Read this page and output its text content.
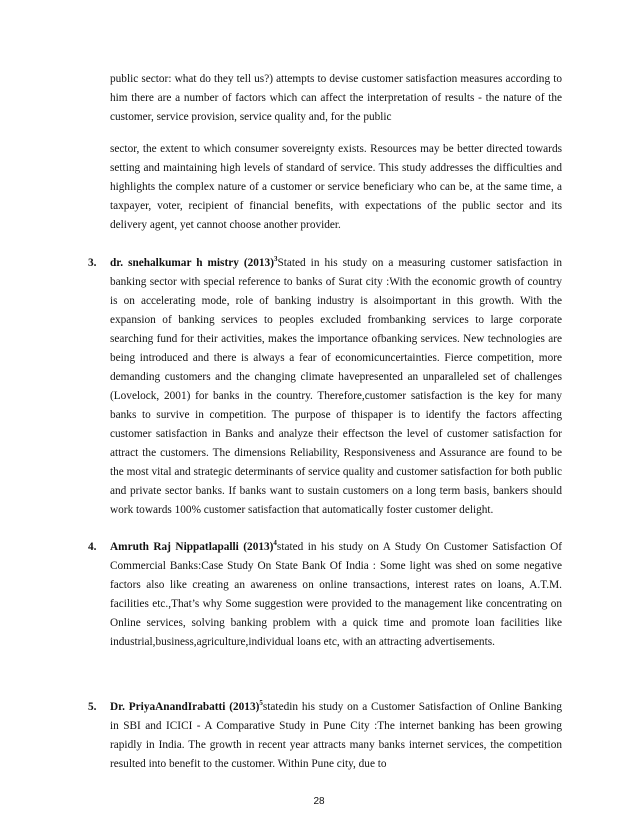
public sector: what do they tell us?) attempts to devise customer satisfaction measures according to him there are a number of factors which can affect the interpretation of results - the nature of the customer, service provision, service quality and, for the public

sector, the extent to which consumer sovereignty exists. Resources may be better directed towards setting and maintaining high levels of standard of service. This study addresses the difficulties and highlights the complex nature of a customer or service beneficiary who can be, at the same time, a taxpayer, voter, recipient of financial benefits, with expectations of the public sector and its delivery agent, yet cannot choose another provider.

3.	dr. snehalkumar h mistry $(2013)^3Stated$ in his study on a measuring customer satisfaction in banking sector with special reference to banks of Surat city :With the economic growth of country is on accelerating mode, role of banking industry is alsoimportant in this growth. With the expansion of banking services to peoples excluded frombanking services to large corporate searching fund for their activities, makes the importance ofbanking services. New technologies are being introduced and there is always a fear of economicuncertainties. Fierce competition, more demanding customers and the changing climate havepresented an unparalleled set of challenges (Lovelock, 2001) for banks in the country. Therefore,customer satisfaction is the key for many banks to survive in competition. The purpose of thispaper is to identify the factors affecting customer satisfaction in Banks and analyze their effectson the level of customer satisfaction for attract the customers. The dimensions Reliability, Responsiveness and Assurance are found to be the most vital and strategic determinants of service quality and customer satisfaction for both public and private sector banks. If banks want to sustain customers on a long term basis, bankers should work towards 100% customer satisfaction that automatically foster customer delight.
4.	Amruth Raj Nippatlapalli $(2013)^4stated$ in his study on A Study On Customer Satisfaction Of Commercial Banks:Case Study On State Bank Of India : Some light was shed on some negative factors also like creating an awareness on online transactions, interest rates on loans, A.T.M. facilities etc.,That’s why Some suggestion were provided to the management like concentrating on Online services, solving banking problem with a quick time and promote loan facilities like industrial,business,agriculture,individual loans etc, with an attracting advertisements.
5.	Dr. PriyaAnandIrabatti $(2013)^5statedin$ his study on a Customer Satisfaction of Online Banking in SBI and ICICI - A Comparative Study in Pune City :The internet banking has been growing rapidly in India. The growth in recent year attracts many banks internet services, the competition resulted into benefit to the customer. Within Pune city, due to
28
